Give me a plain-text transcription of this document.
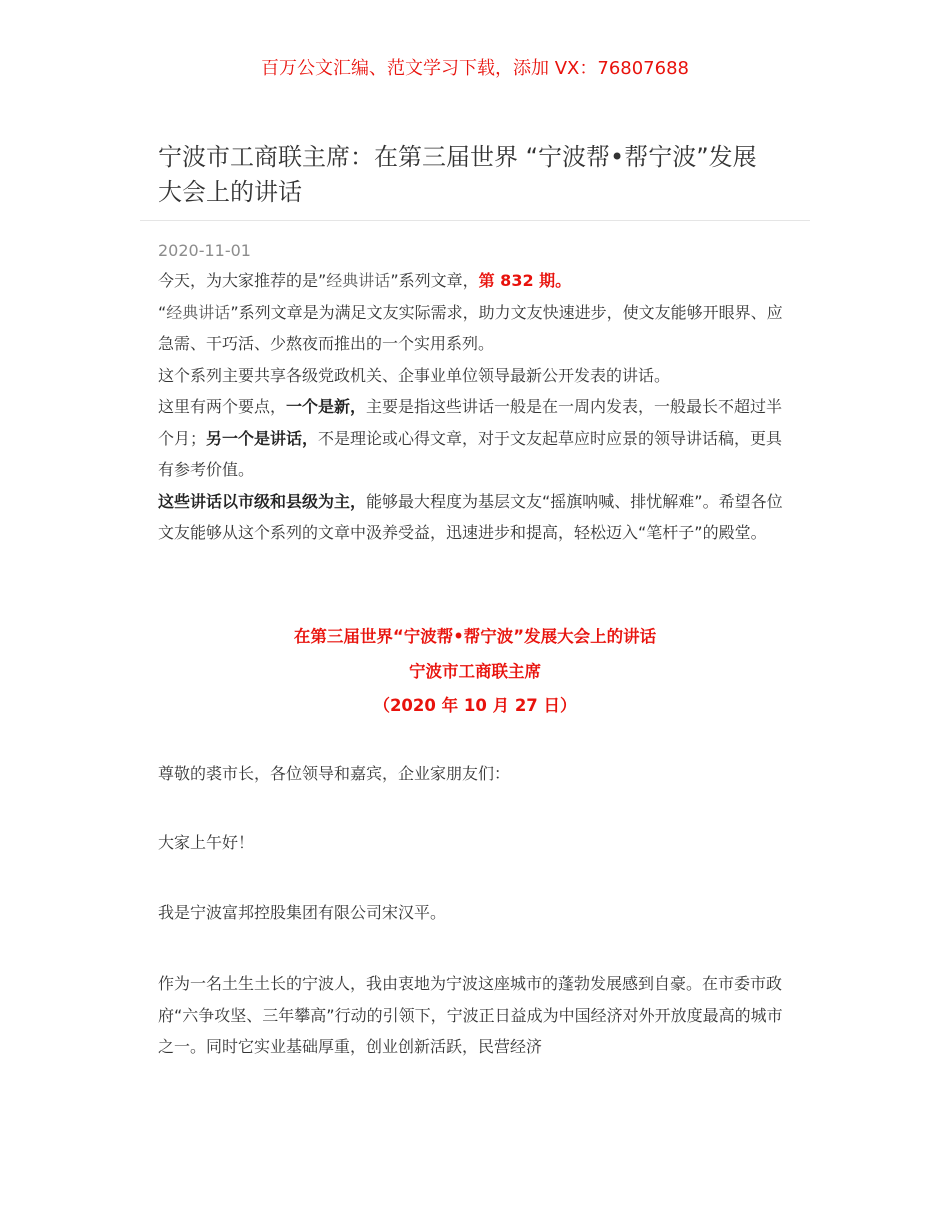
百万公文汇编、范文学习下载，添加 VX：76807688
宁波市工商联主席：在第三届世界 “宁波帮•帮宁波”发展大会上的讲话
2020-11-01

今天，为大家推荐的是”经典讲话”系列文章，第 832 期。

“经典讲话”系列文章是为满足文友实际需求，助力文友快速进步，使文友能够开眼界、应急需、干巧活、少熬夜而推出的一个实用系列。

这个系列主要共享各级党政机关、企事业单位领导最新公开发表的讲话。

这里有两个要点，一个是新，主要是指这些讲话一般是在一周内发表，一般最长不超过半个月；另一个是讲话，不是理论或心得文章，对于文友起草应时应景的领导讲话稿，更具有参考价值。

这些讲话以市级和县级为主，能够最大程度为基层文友“摇旗呐喊、排忧解难”。希望各位文友能够从这个系列的文章中汲养受益，迅速进步和提高，轻松迈入“笔杆子”的殿堂。

在第三届世界“宁波帮•帮宁波”发展大会上的讲话
宁波市工商联主席
（2020 年 10 月 27 日）

尊敬的裘市长，各位领导和嘉宾，企业家朋友们：

大家上午好！

我是宁波富邦控股集团有限公司宋汉平。

作为一名土生土长的宁波人，我由衷地为宁波这座城市的蓬勃发展感到自豪。在市委市政府“六争攻坚、三年攀高”行动的引领下，宁波正日益成为中国经济对外开放度最高的城市之一。同时它实业基础厚重，创业创新活跃，民营经济
